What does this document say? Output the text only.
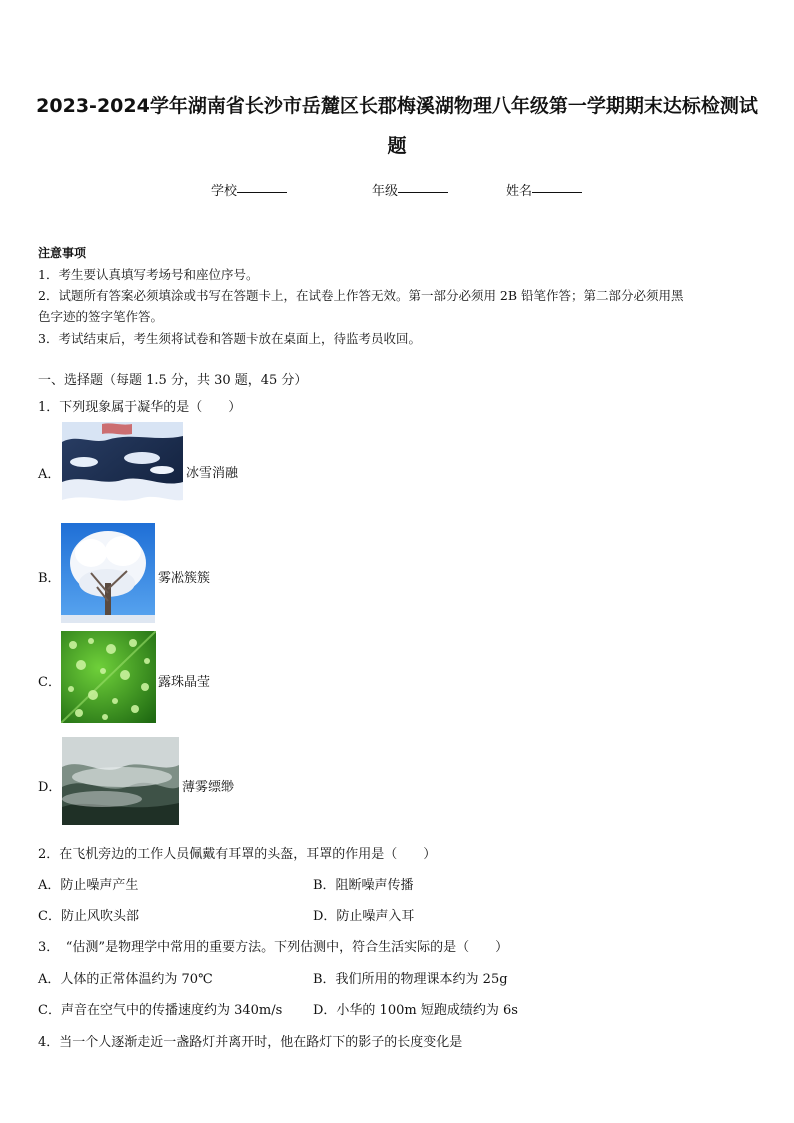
2023-2024学年湖南省长沙市岳麓区长郡梅溪湖物理八年级第一学期期末达标检测试
题
学校	年级	姓名
注意事项
1．考生要认真填写考场号和座位序号。
2．试题所有答案必须填涂或书写在答题卡上，在试卷上作答无效。第一部分必须用 2B 铅笔作答；第二部分必须用黑
色字迹的签字笔作答。
3．考试结束后，考生须将试卷和答题卡放在桌面上，待监考员收回。
一、选择题（每题 1.5 分，共 30 题，45 分）
1．下列现象属于凝华的是（　　）
A．	冰雪消融
B．	雾凇簇簇
C．	露珠晶莹
D．	薄雾缥缈
2．在飞机旁边的工作人员佩戴有耳罩的头盔，耳罩的作用是（　　）
A．防止噪声产生	B．阻断噪声传播
C．防止风吹头部	D．防止噪声入耳
3．　“估测”是物理学中常用的重要方法。下列估测中，符合生活实际的是（　　）
A．人体的正常体温约为 70℃	B．我们所用的物理课本约为 25g
C．声音在空气中的传播速度约为 340m/s D．小华的 100m 短跑成绩约为 6s
4．当一个人逐渐走近一盏路灯并离开时，他在路灯下的影子的长度变化是
